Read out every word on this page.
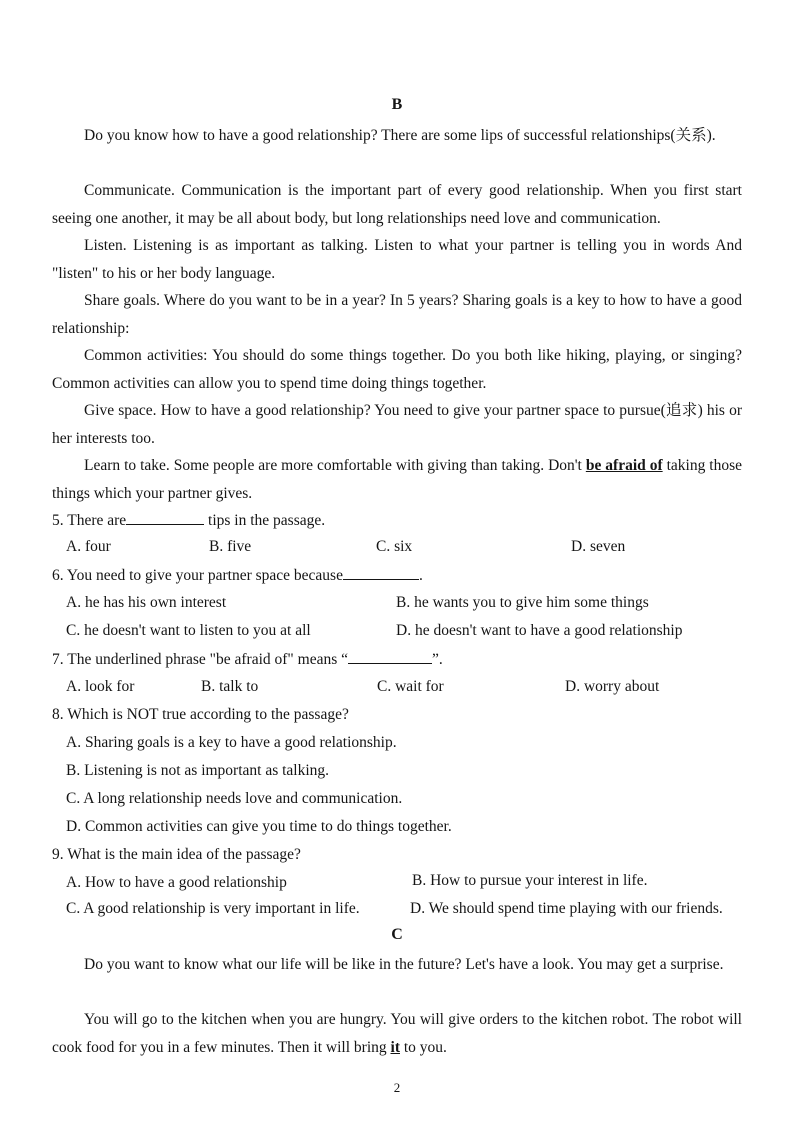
B
Do you know how to have a good relationship? There are some lips of successful relationships(关系).
Communicate. Communication is the important part of every good relationship. When you first start seeing one another, it may be all about body, but long relationships need love and communication.
Listen. Listening is as important as talking. Listen to what your partner is telling you in words And "listen" to his or her body language.
Share goals. Where do you want to be in a year? In 5 years? Sharing goals is a key to how to have a good relationship:
Common activities: You should do some things together. Do you both like hiking, playing, or singing? Common activities can allow you to spend time doing things together.
Give space. How to have a good relationship? You need to give your partner space to pursue(追求) his or her interests too.
Learn to take. Some people are more comfortable with giving than taking. Don't be afraid of taking those things which your partner gives.
5. There are	tips in the passage.
A. four	B. five	C. six	D. seven
6. You need to give your partner space because	.
A. he has his own interest	B. he wants you to give him some things
C. he doesn't want to listen to you at all	D. he doesn't want to have a good relationship
7. The underlined phrase "be afraid of" means “	”.
A. look for	B. talk to	C. wait for	D. worry about
8. Which is NOT true according to the passage?
A. Sharing goals is a key to have a good relationship.
B. Listening is not as important as talking.
C. A long relationship needs love and communication.
D. Common activities can give you time to do things together.
9. What is the main idea of the passage?
A. How to have a good relationship	B. How to pursue your interest in life.
C. A good relationship is very important in life.	D. We should spend time playing with our friends.
C
Do you want to know what our life will be like in the future? Let's have a look. You may get a surprise.
You will go to the kitchen when you are hungry. You will give orders to the kitchen robot. The robot will cook food for you in a few minutes. Then it will bring it to you.
2
